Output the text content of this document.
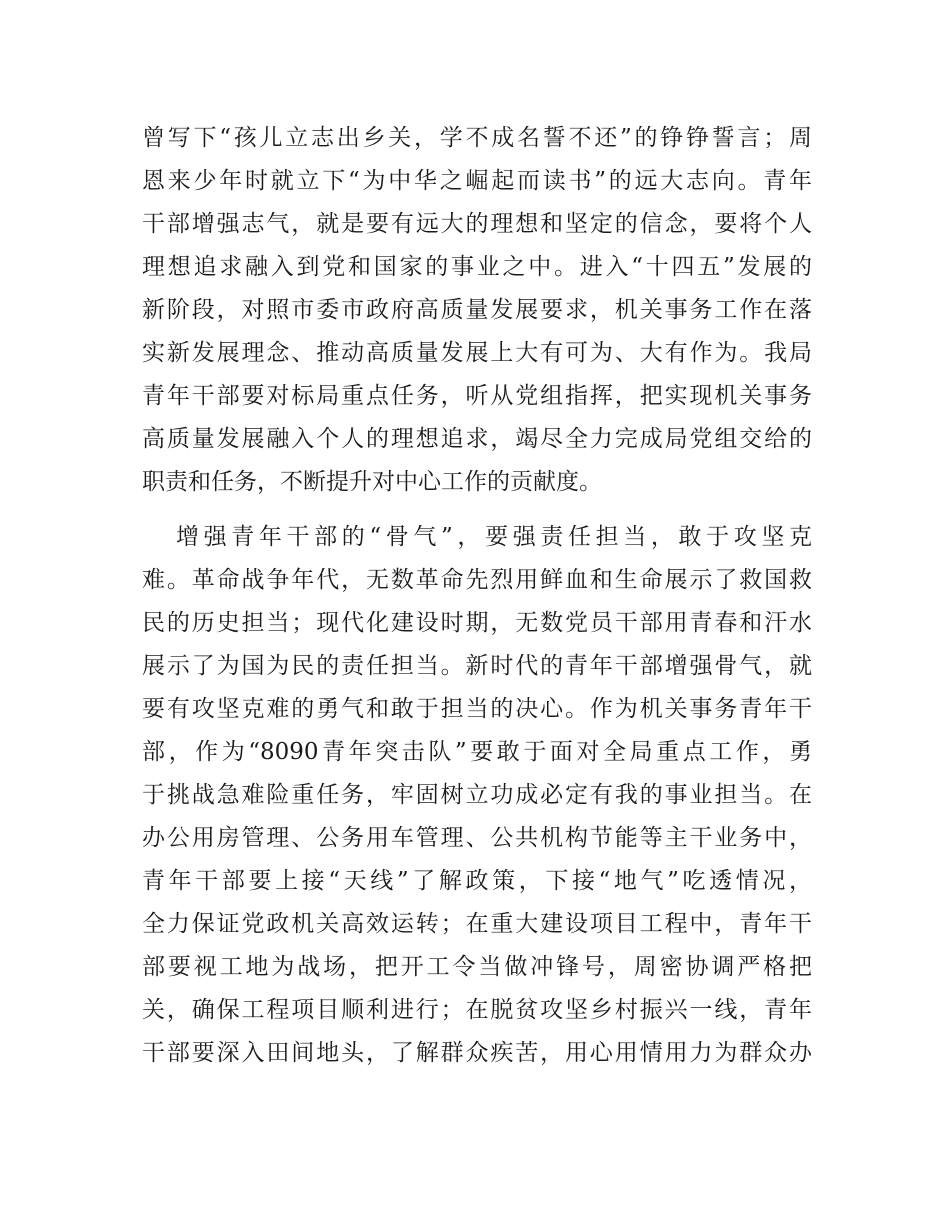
曾写下“孩儿立志出乡关，学不成名誓不还”的铮铮誓言；周
恩来少年时就立下“为中华之崛起而读书”的远大志向。青年
干部增强志气，就是要有远大的理想和坚定的信念，要将个人
理想追求融入到党和国家的事业之中。进入“十四五”发展的
新阶段，对照市委市政府高质量发展要求，机关事务工作在落
实新发展理念、推动高质量发展上大有可为、大有作为。我局
青年干部要对标局重点任务，听从党组指挥，把实现机关事务
高质量发展融入个人的理想追求，竭尽全力完成局党组交给的
职责和任务，不断提升对中心工作的贡献度。
增强青年干部的“骨气”，要强责任担当，敢于攻坚克
难。革命战争年代，无数革命先烈用鲜血和生命展示了救国救
民的历史担当；现代化建设时期，无数党员干部用青春和汗水
展示了为国为民的责任担当。新时代的青年干部增强骨气，就
要有攻坚克难的勇气和敢于担当的决心。作为机关事务青年干
部，作为“8090青年突击队”要敢于面对全局重点工作，勇
于挑战急难险重任务，牢固树立功成必定有我的事业担当。在
办公用房管理、公务用车管理、公共机构节能等主干业务中，
青年干部要上接“天线”了解政策，下接“地气”吃透情况，
全力保证党政机关高效运转；在重大建设项目工程中，青年干
部要视工地为战场，把开工令当做冲锋号，周密协调严格把
关，确保工程项目顺利进行；在脱贫攻坚乡村振兴一线，青年
干部要深入田间地头，了解群众疾苦，用心用情用力为群众办
